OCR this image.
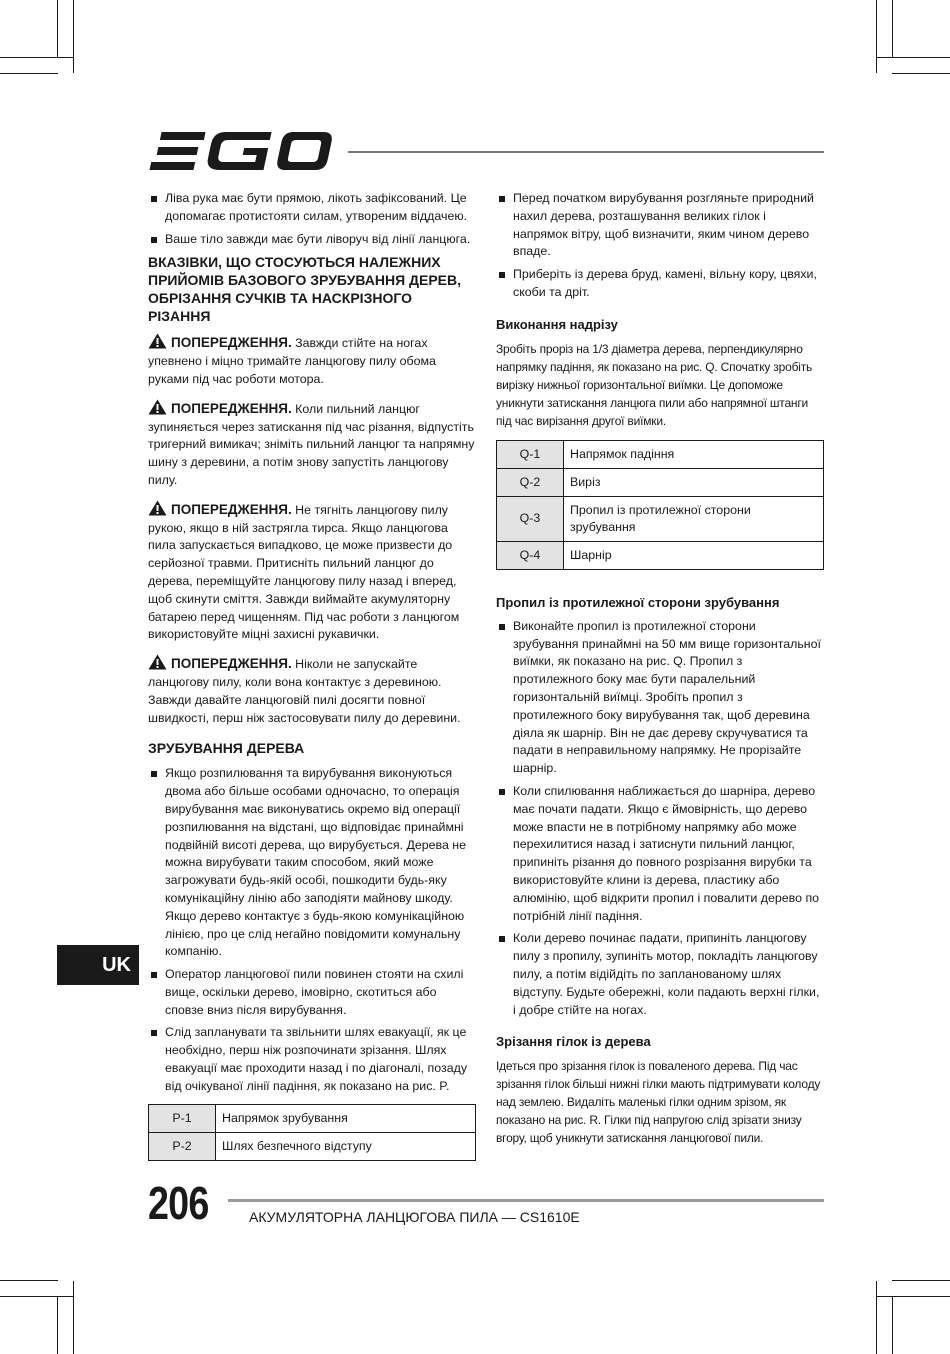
Ліва рука має бути прямою, лікоть зафіксований. Це допомагає протистояти силам, утвореним віддачею.
Ваше тіло завжди має бути ліворуч від лінії ланцюга.
ВКАЗІВКИ, ЩО СТОСУЮТЬСЯ НАЛЕЖНИХ ПРИЙОМІВ БАЗОВОГО ЗРУБУВАННЯ ДЕРЕВ, ОБРІЗАННЯ СУЧКІВ ТА НАСКРІЗНОГО РІЗАННЯ

ПОПЕРЕДЖЕННЯ. Завжди стійте на ногах упевнено і міцно тримайте ланцюгову пилу обома руками під час роботи мотора.

ПОПЕРЕДЖЕННЯ. Коли пильний ланцюг зупиняється через затискання під час різання, відпустіть тригерний вимикач; зніміть пильний ланцюг та напрямну шину з деревини, а потім знову запустіть ланцюгову пилу.

ПОПЕРЕДЖЕННЯ. Не тягніть ланцюгову пилу рукою, якщо в ній застрягла тирса. Якщо ланцюгова пила запускається випадково, це може призвести до серйозної травми. Притисніть пильний ланцюг до дерева, переміщуйте ланцюгову пилу назад і вперед, щоб скинути сміття. Завжди виймайте акумуляторну батарею перед чищенням. Під час роботи з ланцюгом використовуйте міцні захисні рукавички.

ПОПЕРЕДЖЕННЯ. Ніколи не запускайте ланцюгову пилу, коли вона контактує з деревиною. Завжди давайте ланцюговій пилі досягти повної швидкості, перш ніж застосовувати пилу до деревини.

ЗРУБУВАННЯ ДЕРЕВА
Якщо розпилювання та вирубування виконуються двома або більше особами одночасно, то операція вирубування має виконуватись окремо від операції розпилювання на відстані, що відповідає принаймні подвійній висоті дерева, що вирубується. Дерева не можна вирубувати таким способом, який може загрожувати будь-якій особі, пошкодити будь-яку комунікаційну лінію або заподіяти майнову шкоду. Якщо дерево контактує з будь-якою комунікаційною лінією, про це слід негайно повідомити комунальну компанію.
Оператор ланцюгової пили повинен стояти на схилі вище, оскільки дерево, імовірно, скотиться або сповзе вниз після вирубування.
Слід запланувати та звільнити шлях евакуації, як це необхідно, перш ніж розпочинати зрізання. Шлях евакуації має проходити назад і по діагоналі, позаду від очікуваної лінії падіння, як показано на рис. P.
P-1	Напрямок зрубування
P-2	Шлях безпечного відступу
Перед початком вирубування розгляньте природний нахил дерева, розташування великих гілок і напрямок вітру, щоб визначити, яким чином дерево впаде.
Приберіть із дерева бруд, камені, вільну кору, цвяхи, скоби та дріт.
Виконання надрізу

Зробіть проріз на 1/3 діаметра дерева, перпендикулярно напрямку падіння, як показано на рис. Q. Спочатку зробіть вирізку нижньої горизонтальної виїмки. Це допоможе уникнути затискання ланцюга пили або напрямної штанги під час вирізання другої виїмки.

Q-1	Напрямок падіння
Q-2	Виріз
Q-3	Пропил із протилежної сторони зрубування
Q-4	Шарнір
Пропил із протилежної сторони зрубування
Виконайте пропил із протилежної сторони зрубування принаймні на 50 мм вище горизонтальної виїмки, як показано на рис. Q. Пропил з протилежного боку має бути паралельний горизонтальній виїмці. Зробіть пропил з протилежного боку вирубування так, щоб деревина діяла як шарнір. Він не дає дереву скручуватися та падати в неправильному напрямку. Не прорізайте шарнір.
Коли спилювання наближається до шарніра, дерево має почати падати. Якщо є ймовірність, що дерево може впасти не в потрібному напрямку або може перехилитися назад і затиснути пильний ланцюг, припиніть різання до повного розрізання вирубки та використовуйте клини із дерева, пластику або алюмінію, щоб відкрити пропил і повалити дерево по потрібній лінії падіння.
Коли дерево починає падати, припиніть ланцюгову пилу з пропилу, зупиніть мотор, покладіть ланцюгову пилу, а потім відійдіть по запланованому шлях відступу. Будьте обережні, коли падають верхні гілки, і добре стійте на ногах.
Зрізання гілок із дерева

Ідеться про зрізання гілок із поваленого дерева. Під час зрізання гілок більші нижні гілки мають підтримувати колоду над землею. Видаліть маленькі гілки одним зрізом, як показано на рис. R. Гілки під напругою слід зрізати знизу вгору, щоб уникнути затискання ланцюгової пили.

UK
206	АКУМУЛЯТОРНА ЛАНЦЮГОВА ПИЛА — CS1610E
